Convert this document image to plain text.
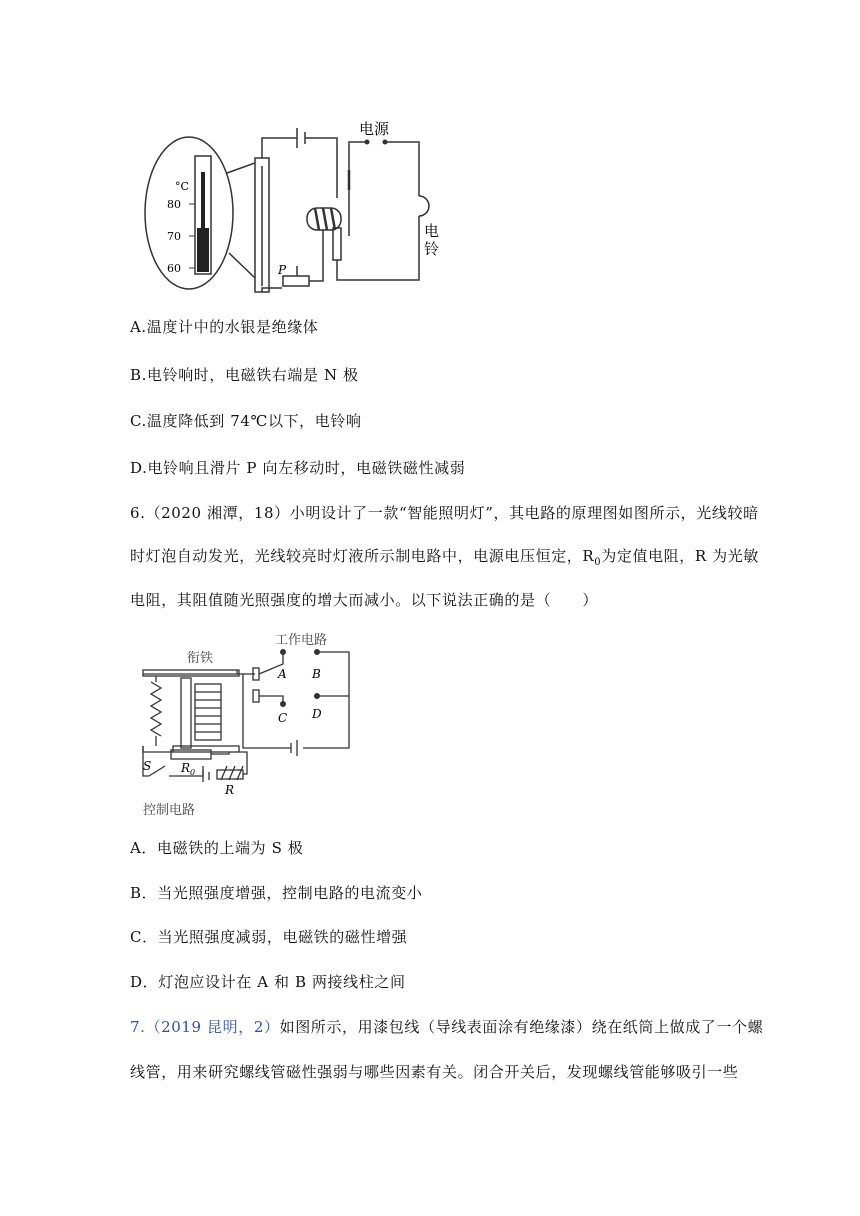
°C
80
70
60
电源
电
铃
P
A.温度计中的水银是绝缘体
B.电铃响时，电磁铁右端是 N 极
C.温度降低到 74℃以下，电铃响
D.电铃响且滑片 P 向左移动时，电磁铁磁性减弱
6.（2020 湘潭，18）小明设计了一款“智能照明灯”，其电路的原理图如图所示，光线较暗
时灯泡自动发光，光线较亮时灯液所示制电路中，电源电压恒定，$R_0$为定值电阻，R 为光敏
电阻，其阻值随光照强度的增大而减小。以下说法正确的是（　　）
工作电路
衔铁
A B
C D
S $R_0$
R
控制电路
A．电磁铁的上端为 S 极
B．当光照强度增强，控制电路的电流变小
C．当光照强度减弱，电磁铁的磁性增强
D．灯泡应设计在 A 和 B 两接线柱之间
7.（2019 昆明，2）如图所示，用漆包线（导线表面涂有绝缘漆）绕在纸筒上做成了一个螺
线管，用来研究螺线管磁性强弱与哪些因素有关。闭合开关后，发现螺线管能够吸引一些
